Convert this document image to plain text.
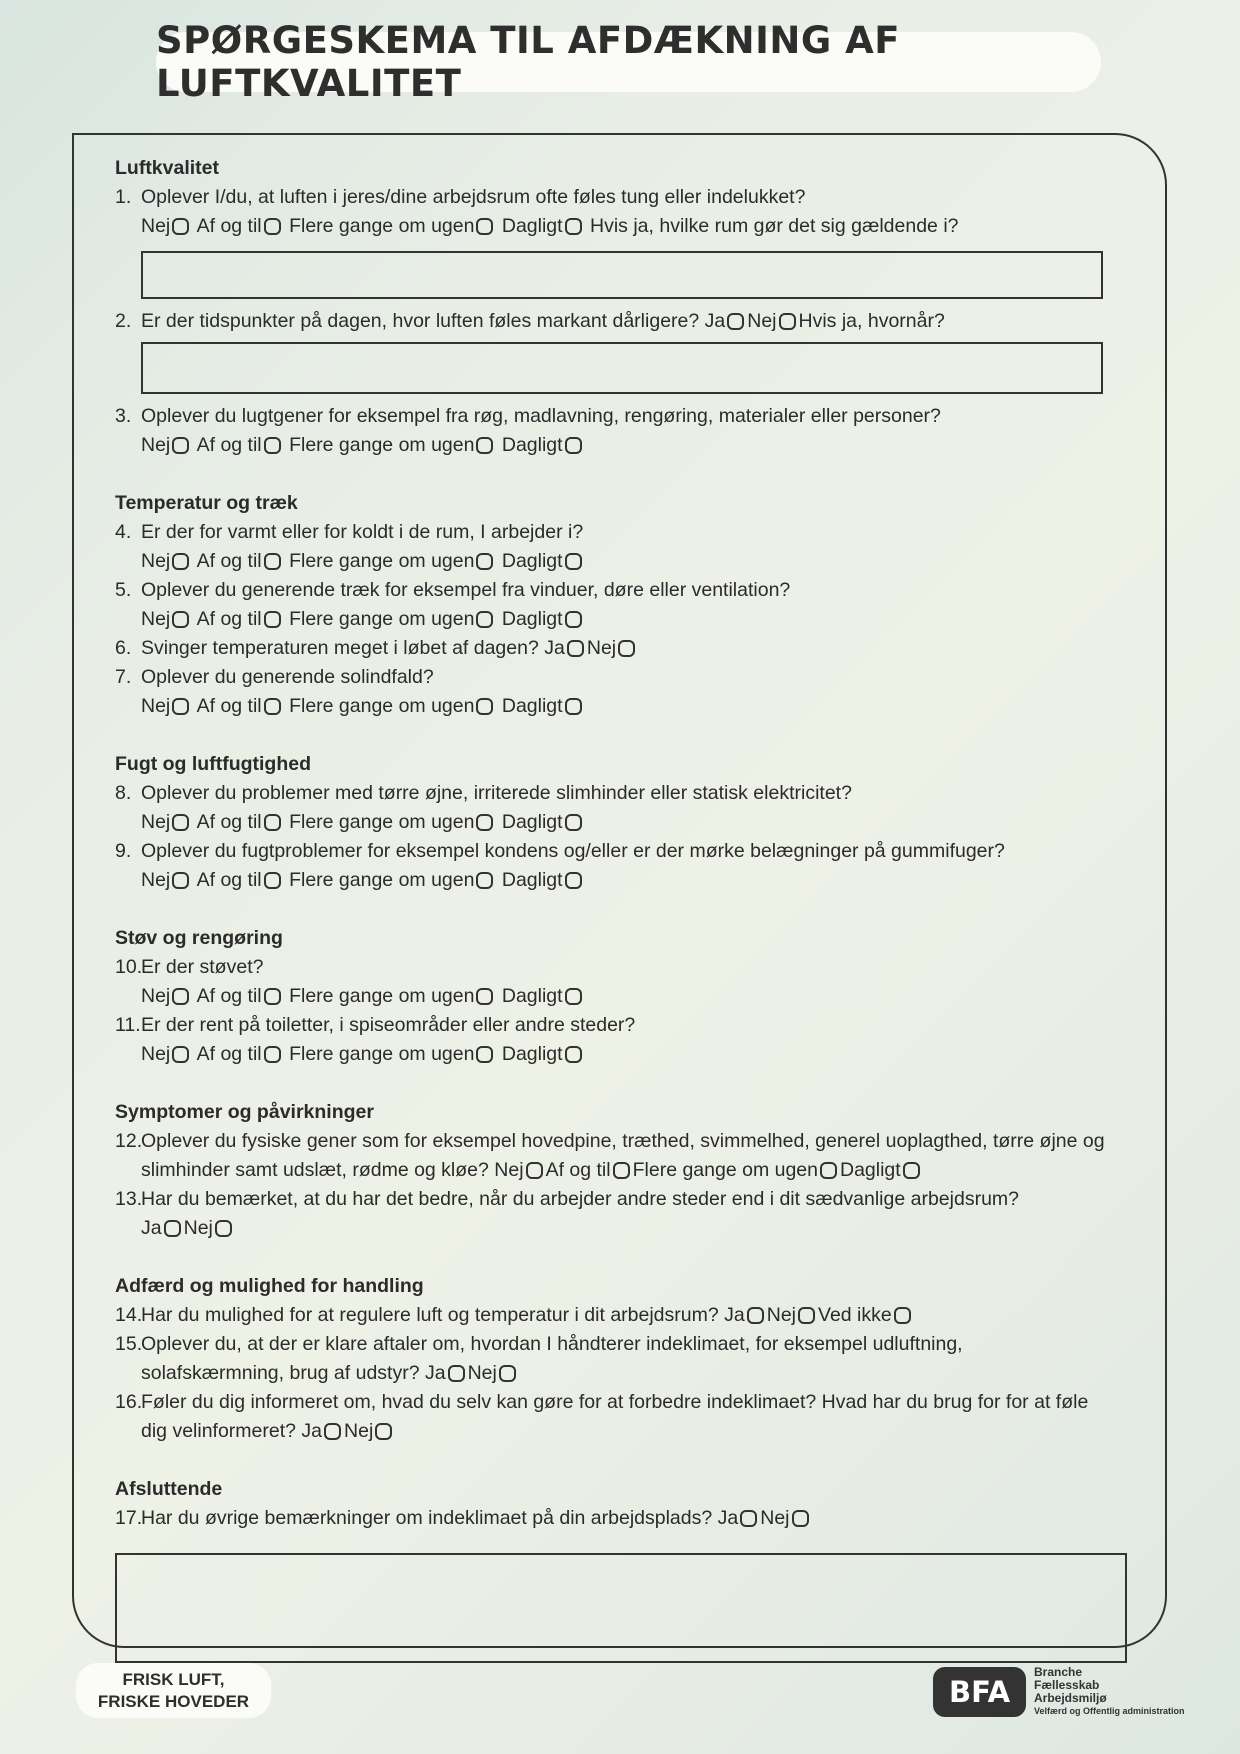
SPØRGESKEMA TIL AFDÆKNING AF LUFTKVALITET

Luftkvalitet

1. Oplever I/du, at luften i jeres/dine arbejdsrum ofte føles tung eller indelukket?

Nej Af og til Flere gange om ugen Dagligt Hvis ja, hvilke rum gør det sig gældende i?

2. Er der tidspunkter på dagen, hvor luften føles markant dårligere? Ja Nej Hvis ja, hvornår?

3. Oplever du lugtgener for eksempel fra røg, madlavning, rengøring, materialer eller personer?

Nej Af og til Flere gange om ugen Dagligt

Temperatur og træk

4. Er der for varmt eller for koldt i de rum, I arbejder i?

Nej Af og til Flere gange om ugen Dagligt

5. Oplever du generende træk for eksempel fra vinduer, døre eller ventilation?

Nej Af og til Flere gange om ugen Dagligt

6. Svinger temperaturen meget i løbet af dagen? Ja Nej

7. Oplever du generende solindfald?

Nej Af og til Flere gange om ugen Dagligt

Fugt og luftfugtighed

8. Oplever du problemer med tørre øjne, irriterede slimhinder eller statisk elektricitet?

Nej Af og til Flere gange om ugen Dagligt

9. Oplever du fugtproblemer for eksempel kondens og/eller er der mørke belægninger på gummifuger?

Nej Af og til Flere gange om ugen Dagligt

Støv og rengøring

10.
Er der støvet?

Nej Af og til Flere gange om ugen Dagligt

11. Er der rent på toiletter, i spiseområder eller andre steder?

Nej Af og til Flere gange om ugen Dagligt

Symptomer og påvirkninger

12.
Oplever du fysiske gener som for eksempel hovedpine, træthed, svimmelhed, generel uoplagthed, tørre øjne og slimhinder samt udslæt, rødme og kløe? Nej Af og til Flere gange om ugen Dagligt

13.
Har du bemærket, at du har det bedre, når du arbejder andre steder end i dit sædvanlige arbejdsrum? Ja Nej

Adfærd og mulighed for handling

14.
Har du mulighed for at regulere luft og temperatur i dit arbejdsrum? Ja Nej Ved ikke

15.
Oplever du, at der er klare aftaler om, hvordan I håndterer indeklimaet, for eksempel udluftning, solafskærmning, brug af udstyr? Ja Nej

16.
Føler du dig informeret om, hvad du selv kan gøre for at forbedre indeklimaet? Hvad har du brug for for at føle dig velinformeret? Ja Nej

Afsluttende

17.
Har du øvrige bemærkninger om indeklimaet på din arbejdsplads? Ja Nej

FRISK LUFT,
FRISKE HOVEDER	BFA
Branche
Fællesskab
Arbejdsmiljø
Velfærd og Offentlig administration
